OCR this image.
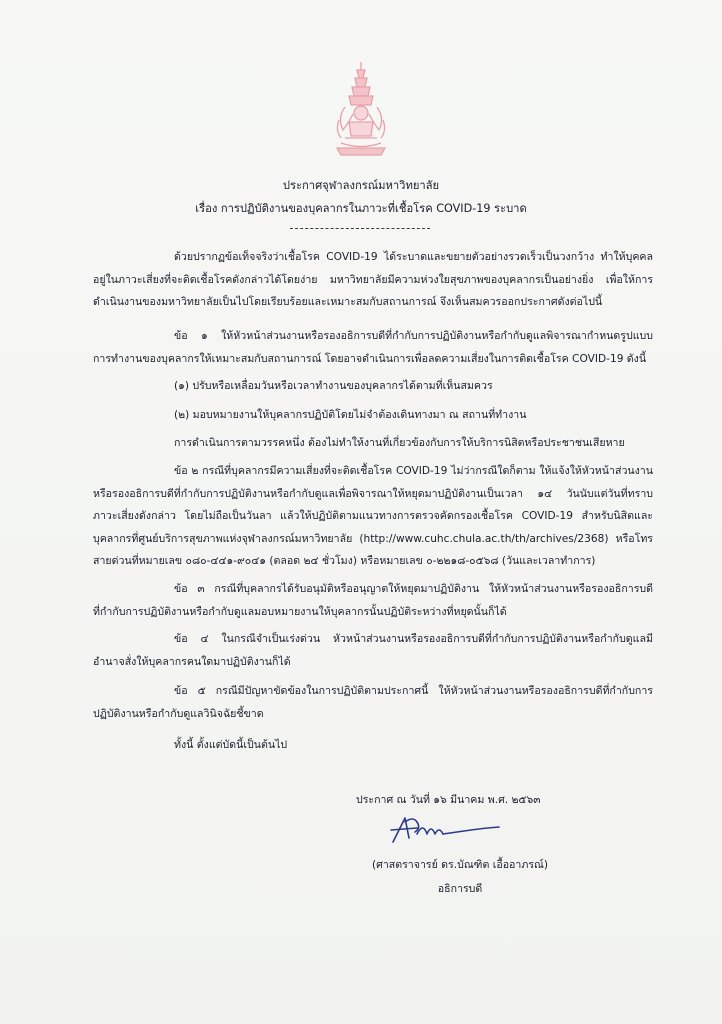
ประกาศจุฬาลงกรณ์มหาวิทยาลัย
เรื่อง การปฏิบัติงานของบุคลากรในภาวะที่เชื้อโรค COVID-19 ระบาด
ด้วยปรากฏข้อเท็จจริงว่าเชื้อโรค COVID-19 ได้ระบาดและขยายตัวอย่างรวดเร็วเป็นวงกว้าง ทำให้บุคคล
อยู่ในภาวะเสี่ยงที่จะติดเชื้อโรคดังกล่าวได้โดยง่าย มหาวิทยาลัยมีความห่วงใยสุขภาพของบุคลากรเป็นอย่างยิ่ง เพื่อให้การ
ดำเนินงานของมหาวิทยาลัยเป็นไปโดยเรียบร้อยและเหมาะสมกับสถานการณ์ จึงเห็นสมควรออกประกาศดังต่อไปนี้
ข้อ ๑ ให้หัวหน้าส่วนงานหรือรองอธิการบดีที่กำกับการปฏิบัติงานหรือกำกับดูแลพิจารณากำหนดรูปแบบ
การทำงานของบุคลากรให้เหมาะสมกับสถานการณ์ โดยอาจดำเนินการเพื่อลดความเสี่ยงในการติดเชื้อโรค COVID-19 ดังนี้
(๑) ปรับหรือเหลื่อมวันหรือเวลาทำงานของบุคลากรได้ตามที่เห็นสมควร
(๒) มอบหมายงานให้บุคลากรปฏิบัติโดยไม่จำต้องเดินทางมา ณ สถานที่ทำงาน
การดำเนินการตามวรรคหนึ่ง ต้องไม่ทำให้งานที่เกี่ยวข้องกับการให้บริการนิสิตหรือประชาชนเสียหาย
ข้อ ๒ กรณีที่บุคลากรมีความเสี่ยงที่จะติดเชื้อโรค COVID-19 ไม่ว่ากรณีใดก็ตาม ให้แจ้งให้หัวหน้าส่วนงาน
หรือรองอธิการบดีที่กำกับการปฏิบัติงานหรือกำกับดูแลเพื่อพิจารณาให้หยุดมาปฏิบัติงานเป็นเวลา ๑๔ วันนับแต่วันที่ทราบ
ภาวะเสี่ยงดังกล่าว โดยไม่ถือเป็นวันลา แล้วให้ปฏิบัติตามแนวทางการตรวจคัดกรองเชื้อโรค COVID-19 สำหรับนิสิตและ
บุคลากรที่ศูนย์บริการสุขภาพแห่งจุฬาลงกรณ์มหาวิทยาลัย (http://www.cuhc.chula.ac.th/th/archives/2368) หรือโทร
สายด่วนที่หมายเลข ๐๘๐-๔๔๑-๙๐๔๑ (ตลอด ๒๔ ชั่วโมง) หรือหมายเลข ๐-๒๒๑๘-๐๕๖๘ (วันและเวลาทำการ)
ข้อ ๓ กรณีที่บุคลากรได้รับอนุมัติหรืออนุญาตให้หยุดมาปฏิบัติงาน ให้หัวหน้าส่วนงานหรือรองอธิการบดี
ที่กำกับการปฏิบัติงานหรือกำกับดูแลมอบหมายงานให้บุคลากรนั้นปฏิบัติระหว่างที่หยุดนั้นก็ได้
ข้อ ๔ ในกรณีจำเป็นเร่งด่วน หัวหน้าส่วนงานหรือรองอธิการบดีที่กำกับการปฏิบัติงานหรือกำกับดูแลมี
อำนาจสั่งให้บุคลากรคนใดมาปฏิบัติงานก็ได้
ข้อ ๕ กรณีมีปัญหาขัดข้องในการปฏิบัติตามประกาศนี้ ให้หัวหน้าส่วนงานหรือรองอธิการบดีที่กำกับการ
ปฏิบัติงานหรือกำกับดูแลวินิจฉัยชี้ขาด
ทั้งนี้ ตั้งแต่บัดนี้เป็นต้นไป
ประกาศ ณ วันที่ ๑๖ มีนาคม พ.ศ. ๒๕๖๓
(ศาสตราจารย์ ดร.บัณฑิต เอื้ออาภรณ์)
อธิการบดี
